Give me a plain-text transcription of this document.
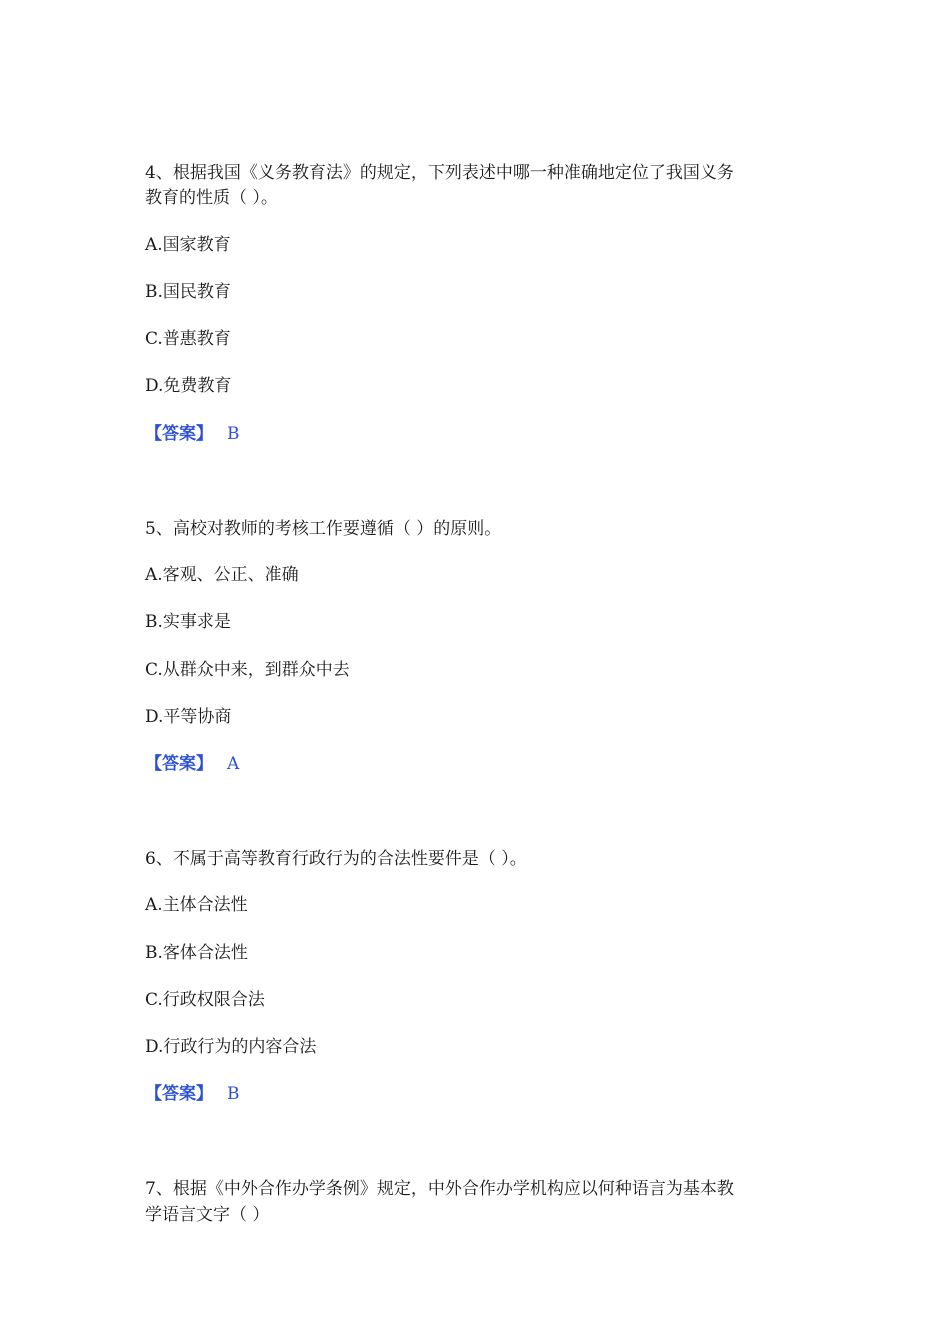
4、根据我国《义务教育法》的规定，下列表述中哪一种准确地定位了我国义务
教育的性质（ ）。
A.国家教育
B.国民教育
C.普惠教育
D.免费教育
【答案】 B
5、高校对教师的考核工作要遵循（ ）的原则。
A.客观、公正、准确
B.实事求是
C.从群众中来，到群众中去
D.平等协商
【答案】 A
6、不属于高等教育行政行为的合法性要件是（ ）。
A.主体合法性
B.客体合法性
C.行政权限合法
D.行政行为的内容合法
【答案】 B
7、根据《中外合作办学条例》规定，中外合作办学机构应以何种语言为基本教
学语言文字（ ）
